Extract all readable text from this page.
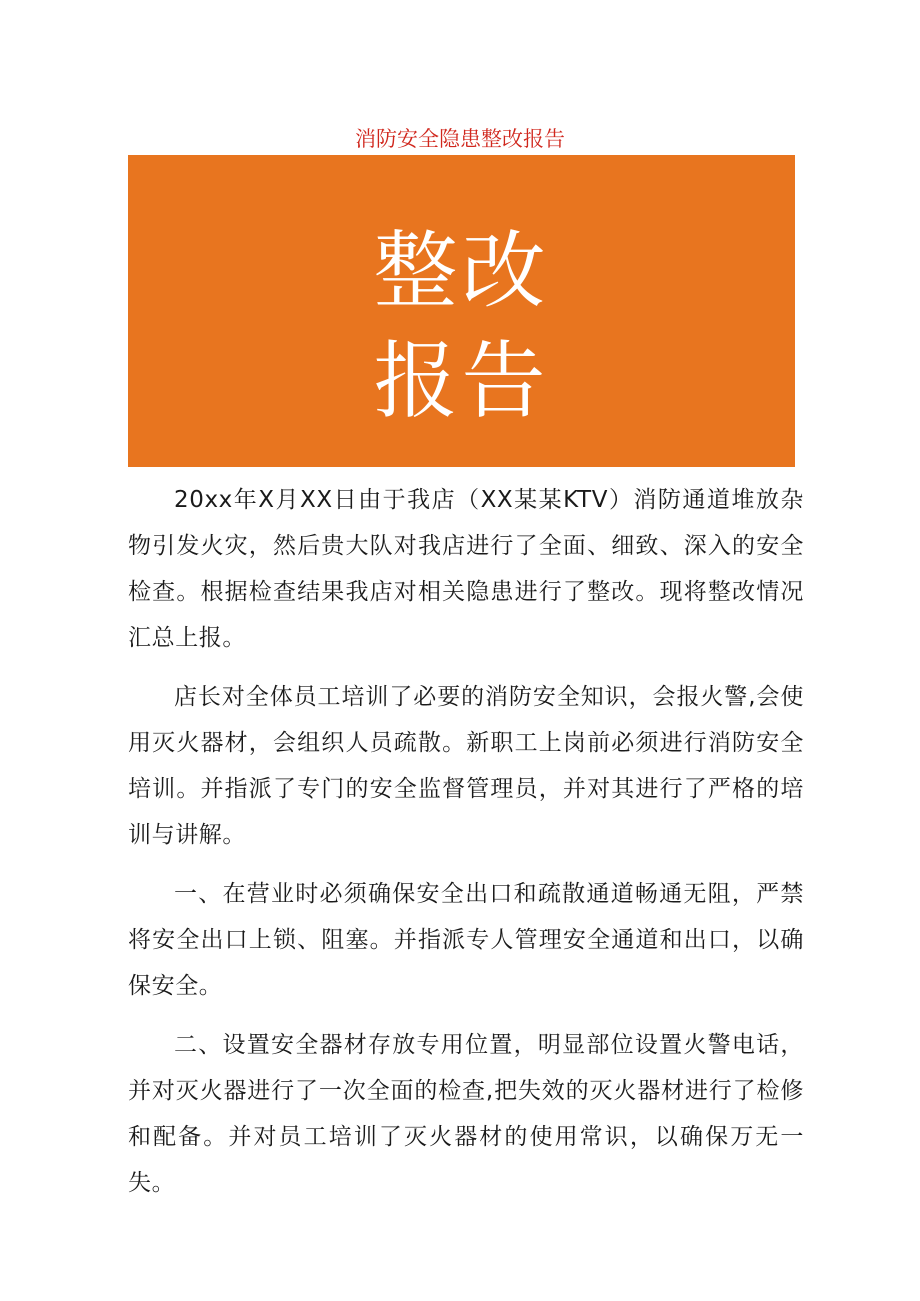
消防安全隐患整改报告
整改
报告

20xx年X月XX日由于我店（XX某某KTV）消防通道堆放杂物引发火灾，然后贵大队对我店进行了全面、细致、深入的安全检查。根据检查结果我店对相关隐患进行了整改。现将整改情况汇总上报。

店长对全体员工培训了必要的消防安全知识，会报火警,会使用灭火器材，会组织人员疏散。新职工上岗前必须进行消防安全培训。并指派了专门的安全监督管理员，并对其进行了严格的培训与讲解。

一、在营业时必须确保安全出口和疏散通道畅通无阻，严禁将安全出口上锁、阻塞。并指派专人管理安全通道和出口，以确保安全。

二、设置安全器材存放专用位置，明显部位设置火警电话，并对灭火器进行了一次全面的检查,把失效的灭火器材进行了检修和配备。并对员工培训了灭火器材的使用常识，以确保万无一失。
